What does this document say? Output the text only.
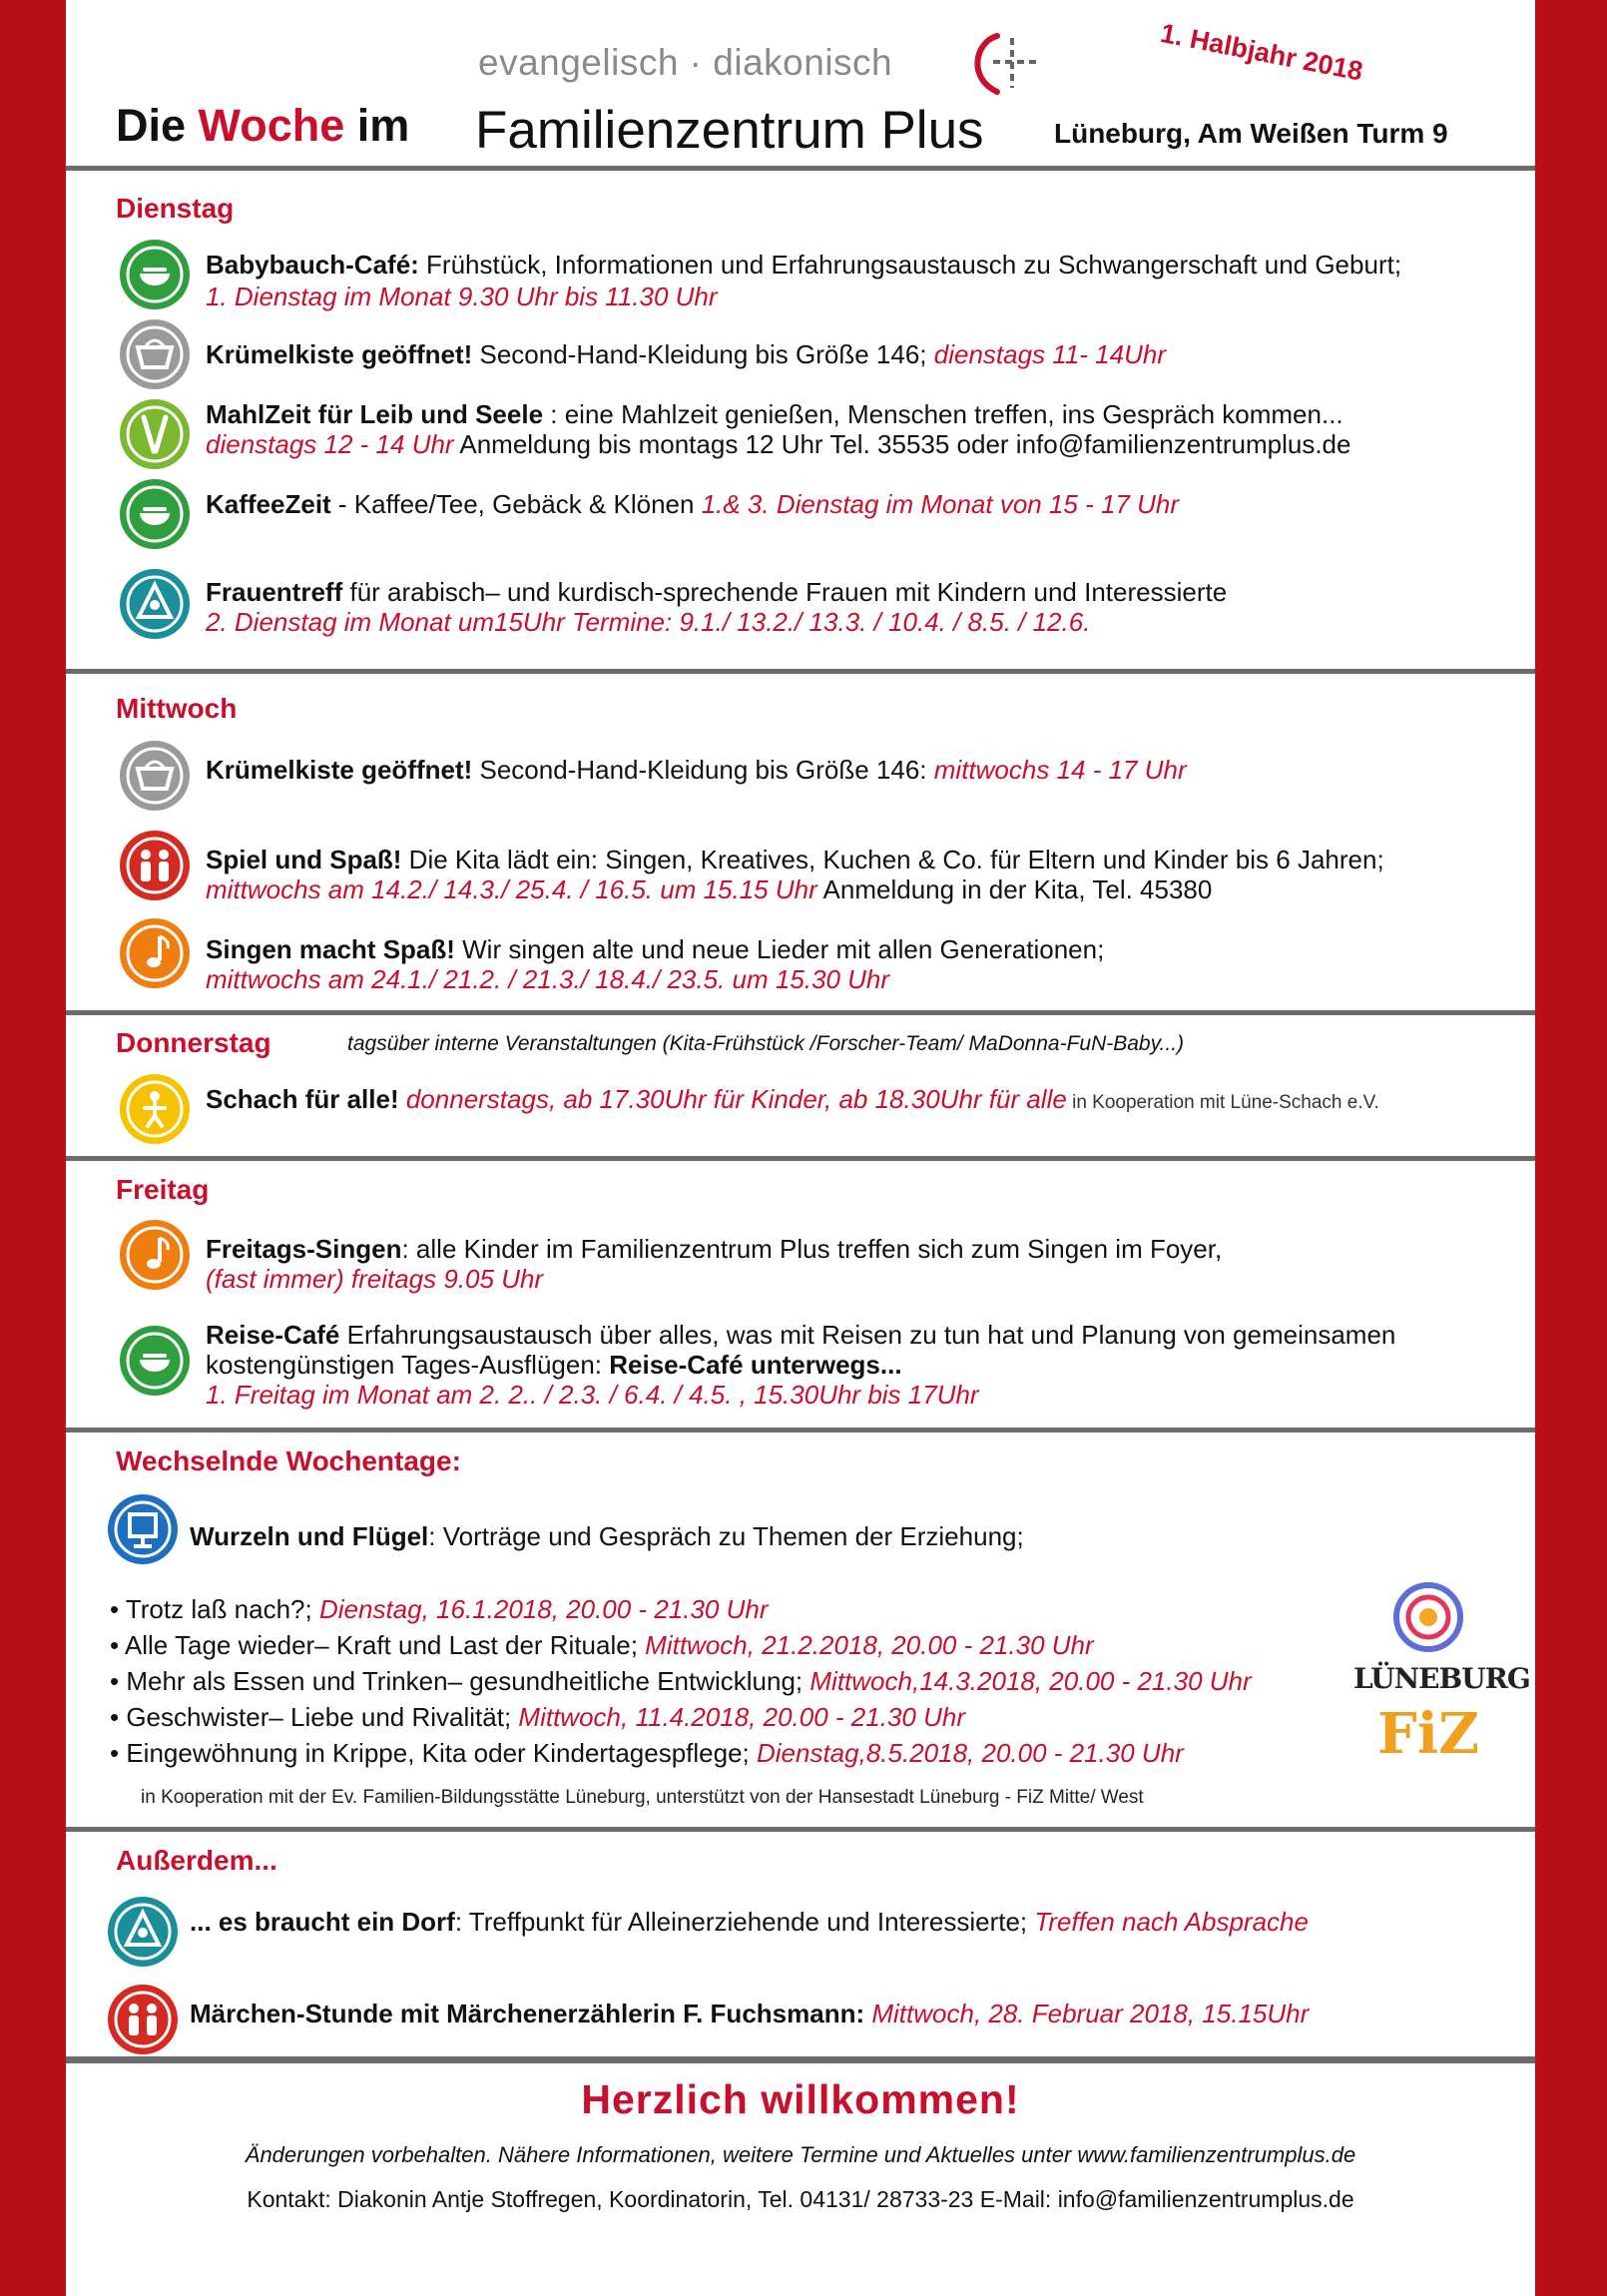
evangelisch · diakonisch	1. Halbjahr 2018
Die Woche im Familienzentrum Plus	Lüneburg, Am Weißen Turm 9
Dienstag
Babybauch-Café: Frühstück, Informationen und Erfahrungsaustausch zu Schwangerschaft und Geburt;
1. Dienstag im Monat 9.30 Uhr bis 11.30 Uhr
Krümelkiste geöffnet! Second-Hand-Kleidung bis Größe 146; dienstags 11- 14Uhr
MahlZeit für Leib und Seele : eine Mahlzeit genießen, Menschen treffen, ins Gespräch kommen...
dienstags 12 - 14 Uhr Anmeldung bis montags 12 Uhr Tel. 35535 oder info@familienzentrumplus.de
KaffeeZeit - Kaffee/Tee, Gebäck & Klönen 1.& 3. Dienstag im Monat von 15 - 17 Uhr
Frauentreff für arabisch– und kurdisch-sprechende Frauen mit Kindern und Interessierte
2. Dienstag im Monat um15Uhr Termine: 9.1./ 13.2./ 13.3. / 10.4. / 8.5. / 12.6.
Mittwoch
Krümelkiste geöffnet! Second-Hand-Kleidung bis Größe 146: mittwochs 14 - 17 Uhr
Spiel und Spaß! Die Kita lädt ein: Singen, Kreatives, Kuchen & Co. für Eltern und Kinder bis 6 Jahren;
mittwochs am 14.2./ 14.3./ 25.4. / 16.5. um 15.15 Uhr Anmeldung in der Kita, Tel. 45380
Singen macht Spaß! Wir singen alte und neue Lieder mit allen Generationen;
mittwochs am 24.1./ 21.2. / 21.3./ 18.4./ 23.5. um 15.30 Uhr
Donnerstag	tagsüber interne Veranstaltungen (Kita-Frühstück /Forscher-Team/ MaDonna-FuN-Baby...)
Schach für alle! donnerstags, ab 17.30Uhr für Kinder, ab 18.30Uhr für alle in Kooperation mit Lüne-Schach e.V.
Freitag
Freitags-Singen: alle Kinder im Familienzentrum Plus treffen sich zum Singen im Foyer,
(fast immer) freitags 9.05 Uhr
Reise-Café Erfahrungsaustausch über alles, was mit Reisen zu tun hat und Planung von gemeinsamen
kostengünstigen Tages-Ausflügen: Reise-Café unterwegs...
1. Freitag im Monat am 2. 2.. / 2.3. / 6.4. / 4.5. , 15.30Uhr bis 17Uhr
Wechselnde Wochentage:
Wurzeln und Flügel: Vorträge und Gespräch zu Themen der Erziehung;
• Trotz laß nach?; Dienstag, 16.1.2018, 20.00 - 21.30 Uhr
• Alle Tage wieder– Kraft und Last der Rituale; Mittwoch, 21.2.2018, 20.00 - 21.30 Uhr
• Mehr als Essen und Trinken– gesundheitliche Entwicklung; Mittwoch,14.3.2018, 20.00 - 21.30 Uhr
• Geschwister– Liebe und Rivalität; Mittwoch, 11.4.2018, 20.00 - 21.30 Uhr
• Eingewöhnung in Krippe, Kita oder Kindertagespflege; Dienstag,8.5.2018, 20.00 - 21.30 Uhr
in Kooperation mit der Ev. Familien-Bildungsstätte Lüneburg, unterstützt von der Hansestadt Lüneburg - FiZ Mitte/ West
LÜNEBURG
FiZ
Außerdem...
... es braucht ein Dorf: Treffpunkt für Alleinerziehende und Interessierte; Treffen nach Absprache
Märchen-Stunde mit Märchenerzählerin F. Fuchsmann: Mittwoch, 28. Februar 2018, 15.15Uhr
Herzlich willkommen!
Änderungen vorbehalten. Nähere Informationen, weitere Termine und Aktuelles unter www.familienzentrumplus.de
Kontakt: Diakonin Antje Stoffregen, Koordinatorin, Tel. 04131/ 28733-23 E-Mail: info@familienzentrumplus.de
